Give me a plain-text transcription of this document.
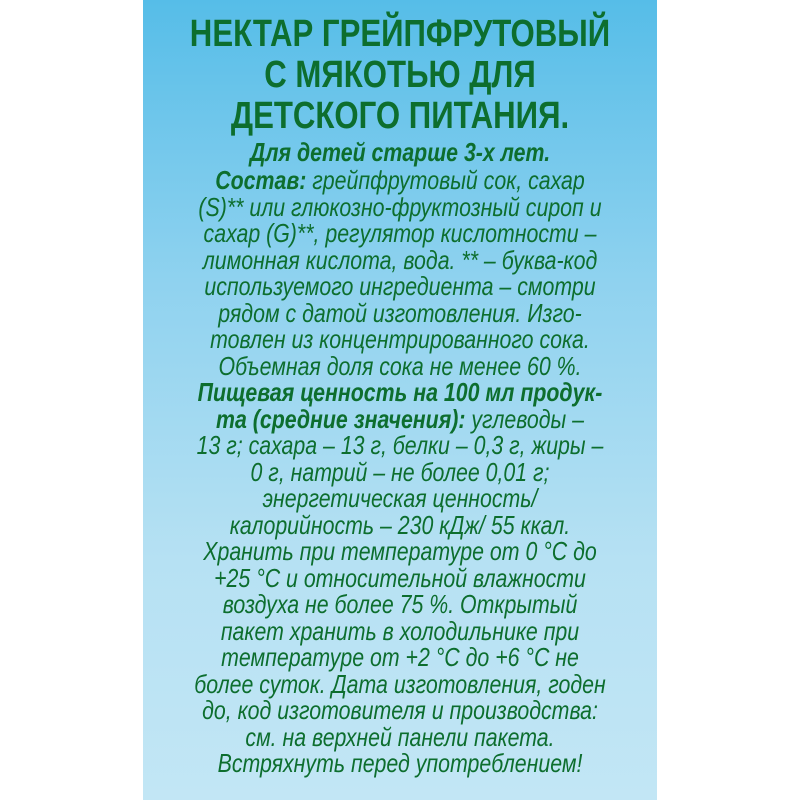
НЕКТАР ГРЕЙПФРУТОВЫЙ
С МЯКОТЬЮ ДЛЯ
ДЕТСКОГО ПИТАНИЯ.
Для детей старше 3-х лет.
Состав: грейпфрутовый сок, сахар
(S)** или глюкозно-фруктозный сироп и
сахар (G)**, регулятор кислотности –
лимонная кислота, вода. ** – буква-код
используемого ингредиента – смотри
рядом с датой изготовления. Изго-
товлен из концентрированного сока.
Объемная доля сока не менее 60 %.
Пищевая ценность на 100 мл продук-
та (средние значения): углеводы –
13 г; сахара – 13 г, белки – 0,3 г, жиры –
0 г, натрий – не более 0,01 г;
энергетическая ценность/
калорийность – 230 кДж/ 55 ккал.
Хранить при температуре от 0 °С до
+25 °С и относительной влажности
воздуха не более 75 %. Открытый
пакет хранить в холодильнике при
температуре от +2 °С до +6 °С не
более суток. Дата изготовления, годен
до, код изготовителя и производства:
см. на верхней панели пакета.
Встряхнуть перед употреблением!
